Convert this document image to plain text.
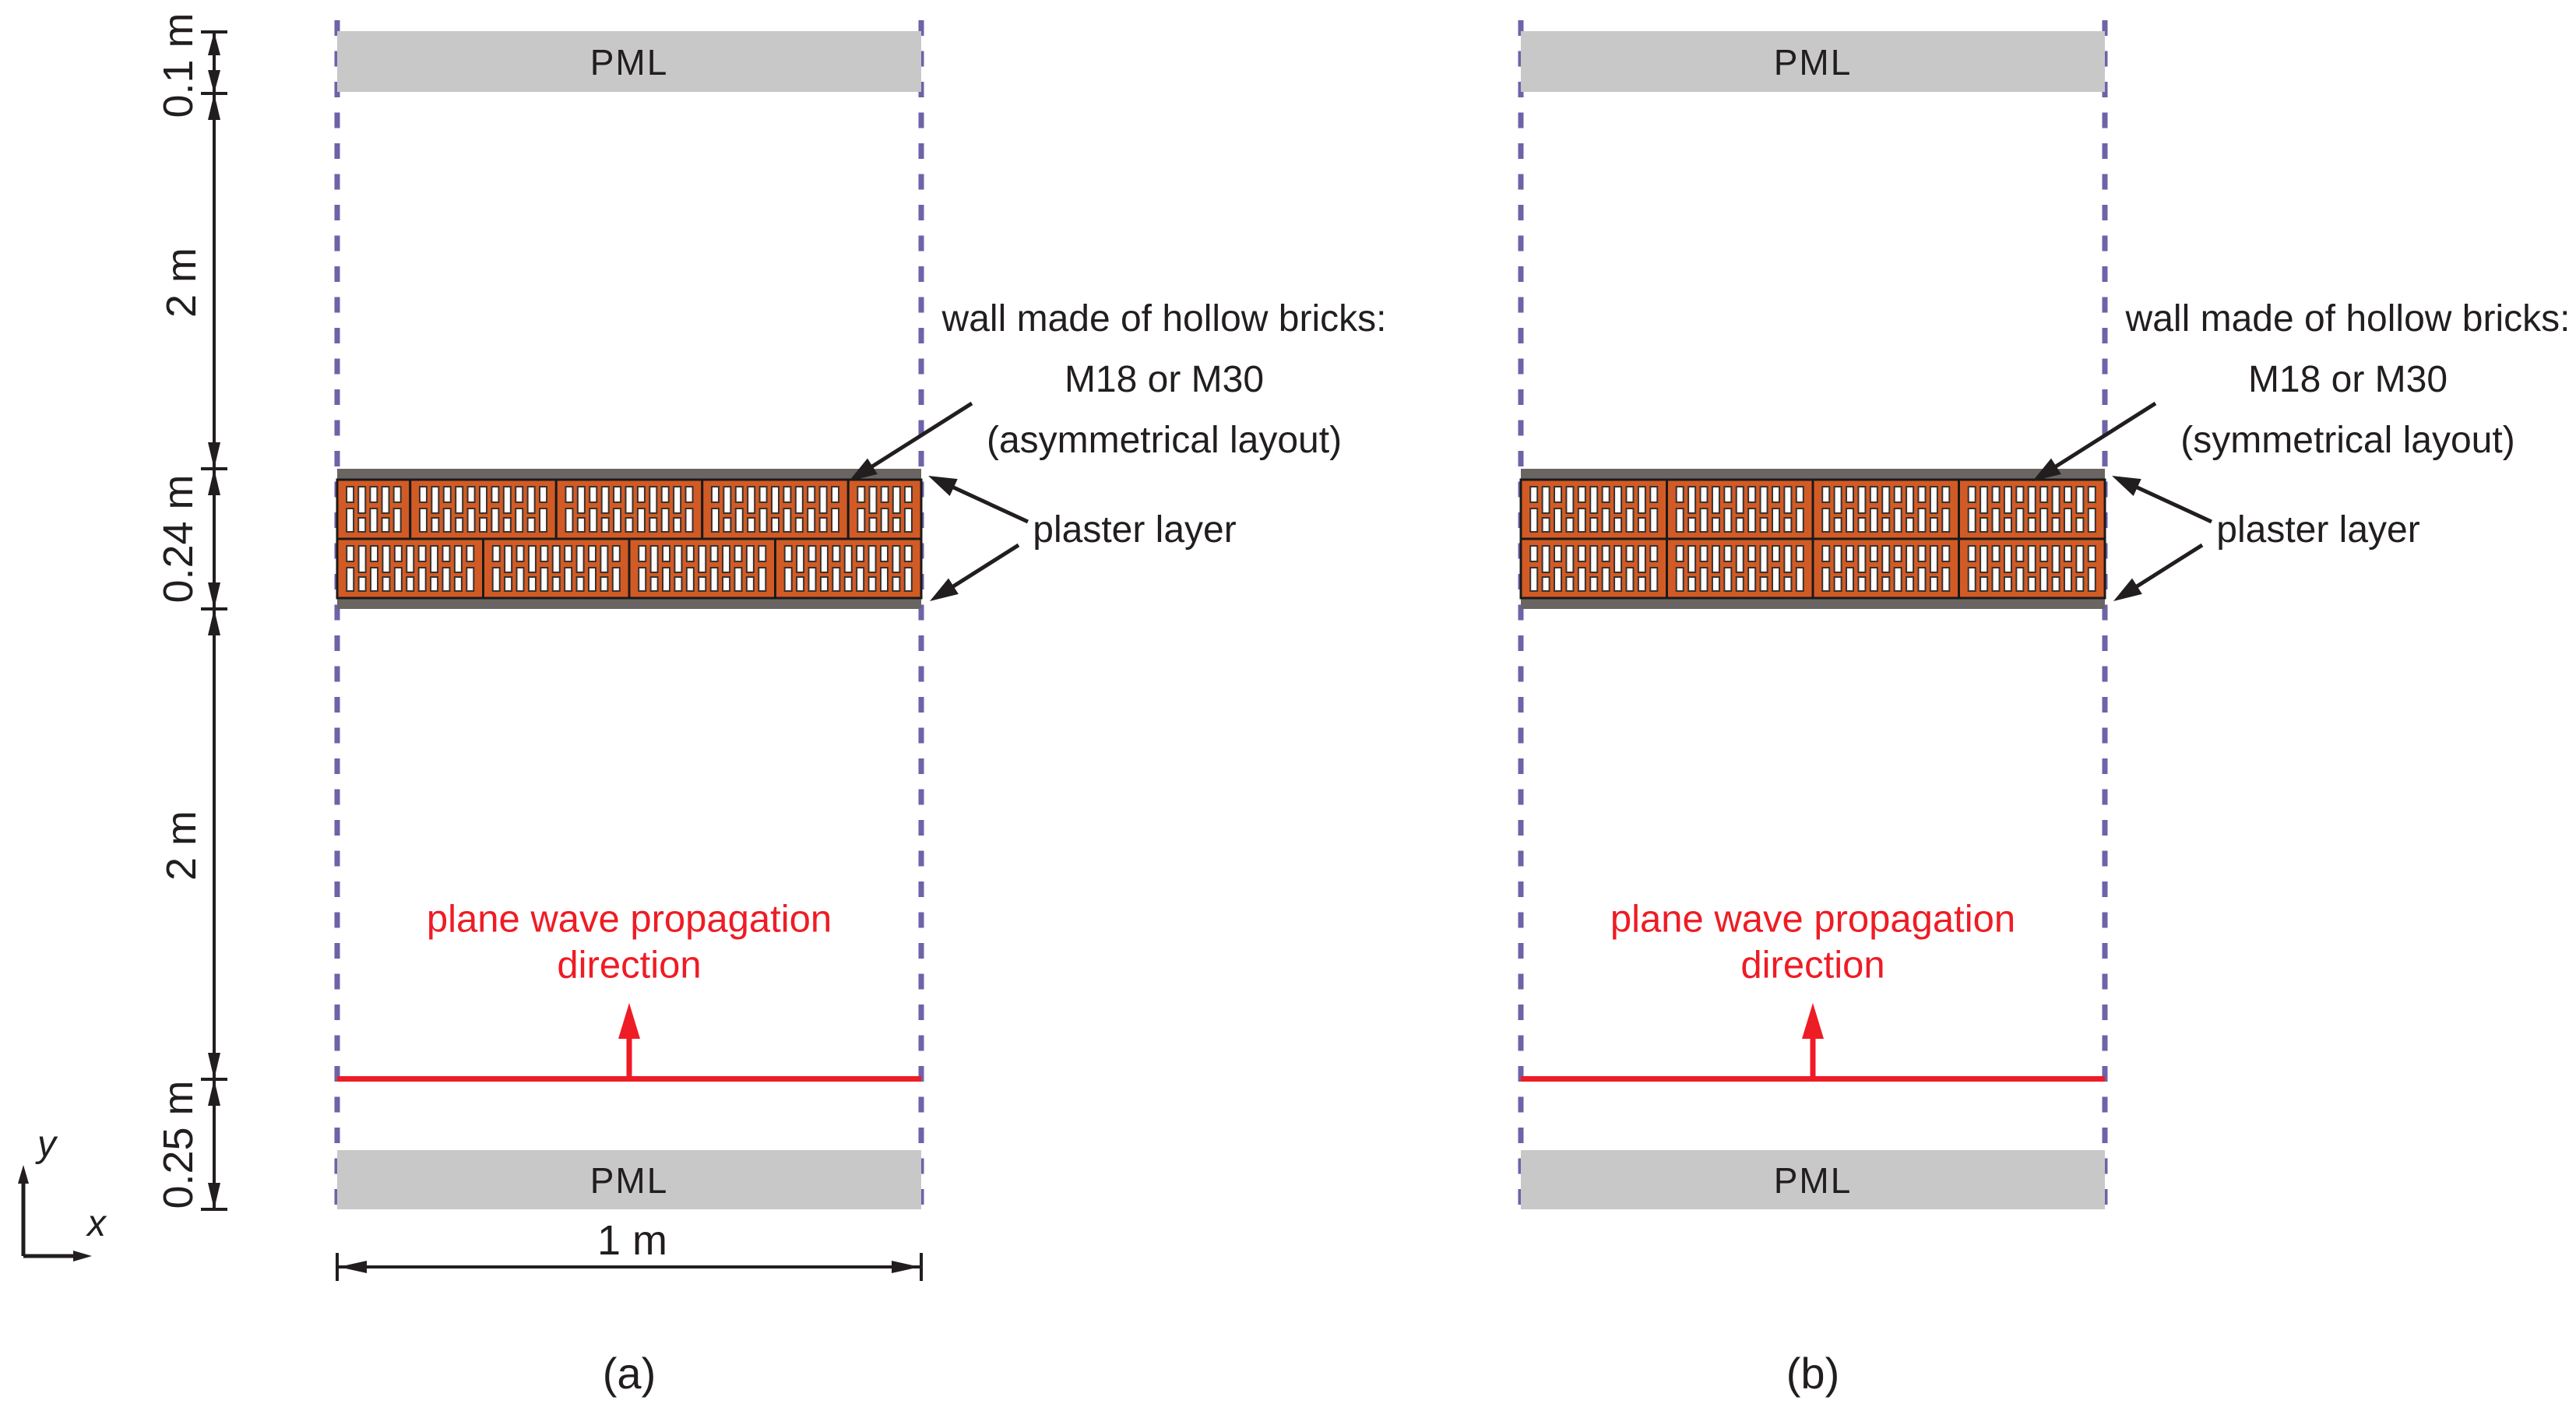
0.1 m
2 m
0.24 m
2 m
0.25 m
1 m
y
x
PML
PML
plane wave propagation
direction
wall made of hollow bricks:
M18 or M30
(asymmetrical layout)
plaster layer
(a)
PML
PML
plane wave propagation
direction
wall made of hollow bricks:
M18 or M30
(symmetrical layout)
plaster layer
(b)
